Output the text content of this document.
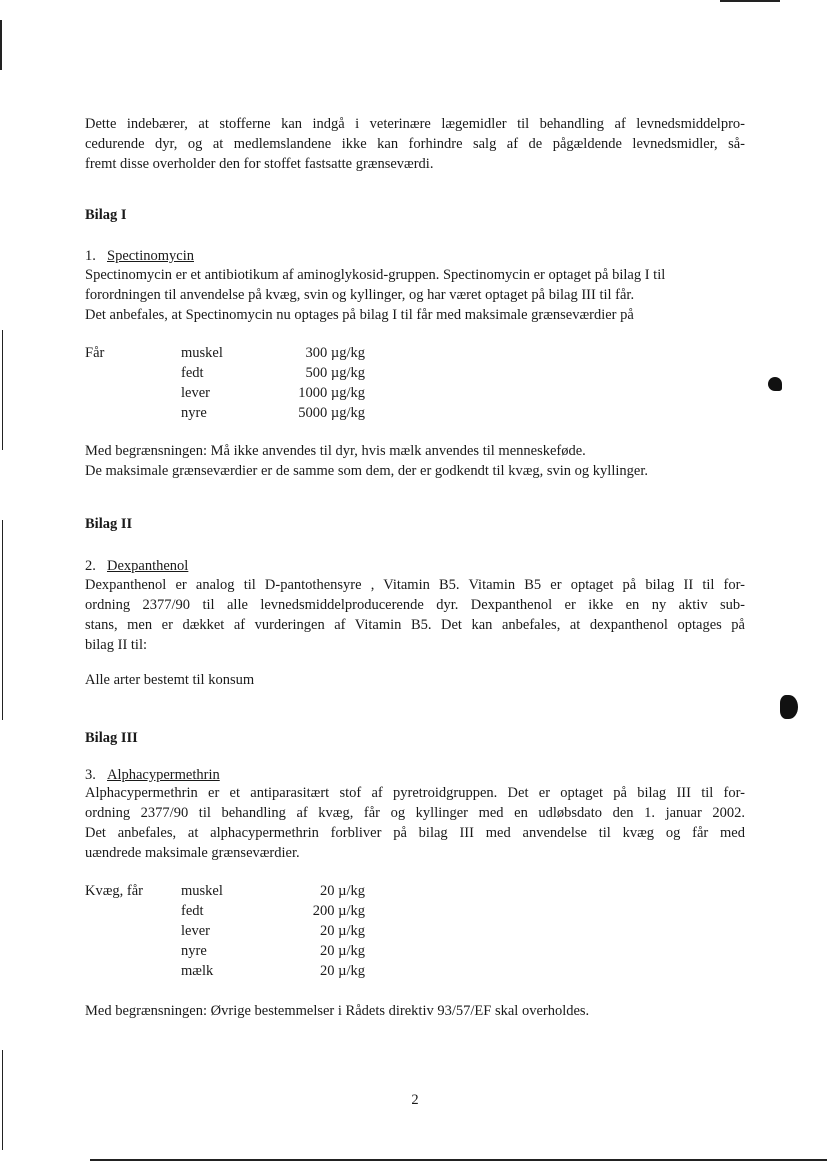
Dette indebærer, at stofferne kan indgå i veterinære lægemidler til behandling af levnedsmiddelpro-
cedurende dyr, og at medlemslandene ikke kan forhindre salg af de pågældende levnedsmidler, så-
fremt disse overholder den for stoffet fastsatte grænseværdi.

Bilag I

1. Spectinomycin

Spectinomycin er et antibiotikum af aminoglykosid-gruppen. Spectinomycin er optaget på bilag I til
forordningen til anvendelse på kvæg, svin og kyllinger, og har været optaget på bilag III til får.
Det anbefales, at Spectinomycin nu optages på bilag I til får med maksimale grænseværdier på

Får	muskel	300 µg/kg
fedt	500 µg/kg
lever	1000 µg/kg
nyre	5000 µg/kg

Med begrænsningen: Må ikke anvendes til dyr, hvis mælk anvendes til menneskeføde.
De maksimale grænseværdier er de samme som dem, der er godkendt til kvæg, svin og kyllinger.

Bilag II

2. Dexpanthenol

Dexpanthenol er analog til D-pantothensyre , Vitamin B5. Vitamin B5 er optaget på bilag II til for-
ordning 2377/90 til alle levnedsmiddelproducerende dyr. Dexpanthenol er ikke en ny aktiv sub-
stans, men er dækket af vurderingen af Vitamin B5. Det kan anbefales, at dexpanthenol optages på
bilag II til:

Alle arter bestemt til konsum

Bilag III

3. Alphacypermethrin

Alphacypermethrin er et antiparasitært stof af pyretroidgruppen. Det er optaget på bilag III til for-
ordning 2377/90 til behandling af kvæg, får og kyllinger med en udløbsdato den 1. januar 2002.
Det anbefales, at alphacypermethrin forbliver på bilag III med anvendelse til kvæg og får med
uændrede maksimale grænseværdier.

Kvæg, får	muskel	20 µ/kg
fedt	200 µ/kg
lever	20 µ/kg
nyre	20 µ/kg
mælk	20 µ/kg

Med begrænsningen: Øvrige bestemmelser i Rådets direktiv 93/57/EF skal overholdes.

2
